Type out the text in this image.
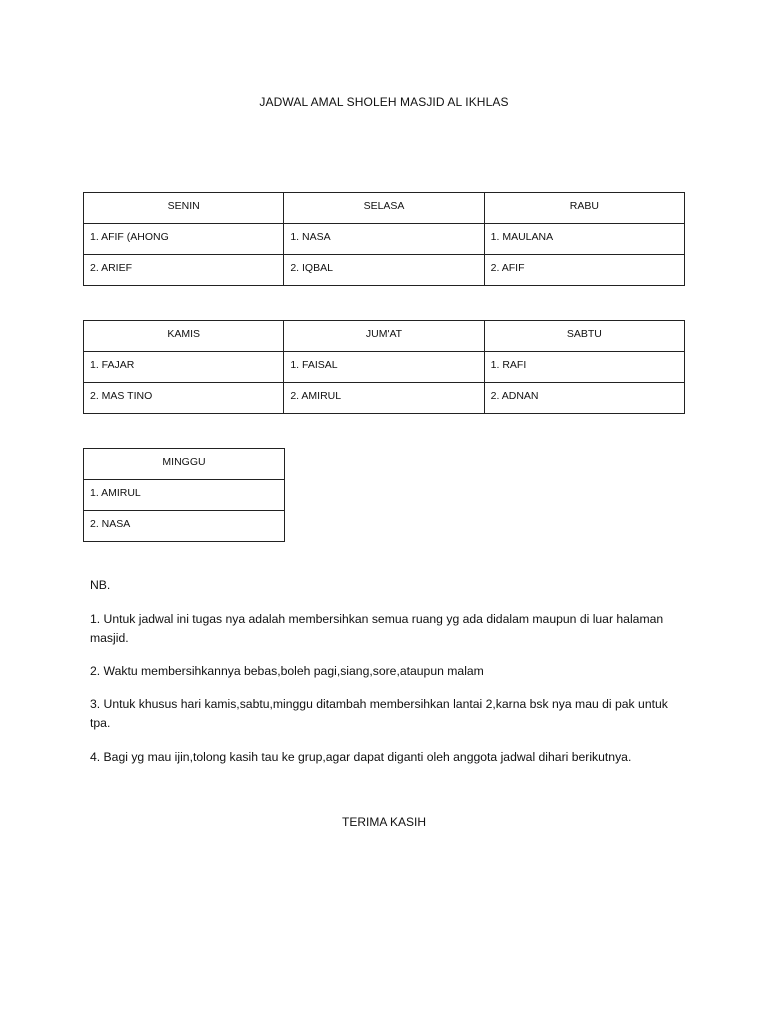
JADWAL AMAL SHOLEH MASJID AL IKHLAS
SENIN	SELASA	RABU
1. AFIF (AHONG	1. NASA	1. MAULANA
2. ARIEF	2. IQBAL	2. AFIF
KAMIS	JUM'AT	SABTU
1. FAJAR	1. FAISAL	1. RAFI
2. MAS TINO	2. AMIRUL	2. ADNAN
MINGGU
1. AMIRUL
2. NASA
NB.
1. Untuk jadwal ini tugas nya adalah membersihkan semua ruang yg ada didalam maupun di luar halaman masjid.
2. Waktu membersihkannya bebas,boleh pagi,siang,sore,ataupun malam
3. Untuk khusus hari kamis,sabtu,minggu ditambah membersihkan lantai 2,karna bsk nya mau di pak untuk tpa.
4. Bagi yg mau ijin,tolong kasih tau ke grup,agar dapat diganti oleh anggota jadwal dihari berikutnya.
TERIMA KASIH
